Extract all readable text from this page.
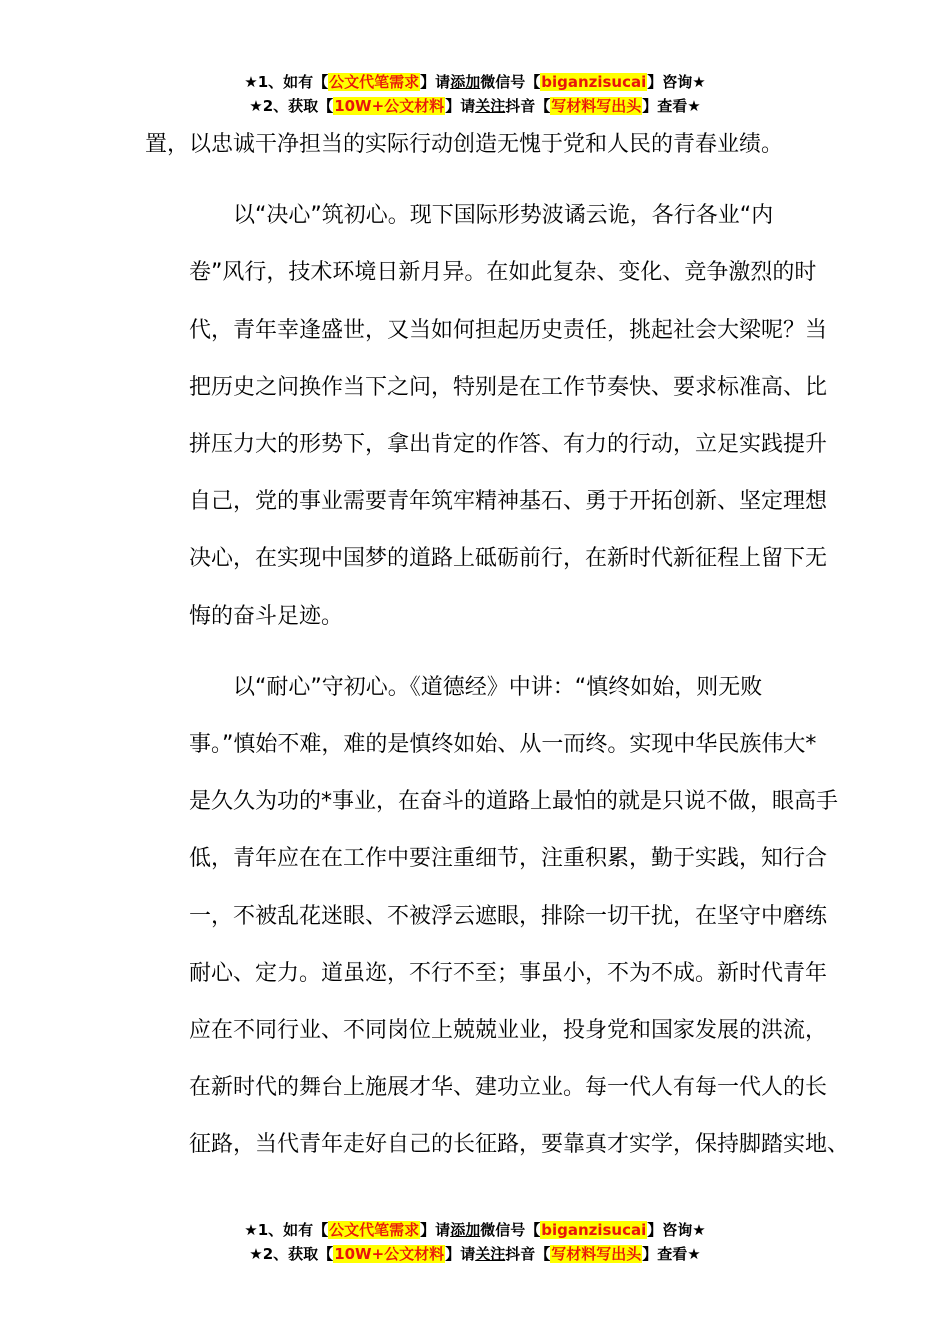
★1、如有【公文代笔需求】请添加微信号【biganzisucai】咨询★
★2、获取【10W+公文材料】请关注抖音【写材料写出头】查看★

置，以忠诚干净担当的实际行动创造无愧于党和人民的青春业绩。

以“决心”筑初心。现下国际形势波谲云诡，各行各业“内
卷”风行，技术环境日新月异。在如此复杂、变化、竞争激烈的时
代，青年幸逢盛世，又当如何担起历史责任，挑起社会大梁呢？当
把历史之问换作当下之问，特别是在工作节奏快、要求标准高、比
拼压力大的形势下，拿出肯定的作答、有力的行动，立足实践提升
自己，党的事业需要青年筑牢精神基石、勇于开拓创新、坚定理想
决心，在实现中国梦的道路上砥砺前行，在新时代新征程上留下无
悔的奋斗足迹。

以“耐心”守初心。《道德经》中讲：“慎终如始，则无败
事。”慎始不难，难的是慎终如始、从一而终。实现中华民族伟大*
是久久为功的*事业，在奋斗的道路上最怕的就是只说不做，眼高手
低，青年应在在工作中要注重细节，注重积累，勤于实践，知行合
一，不被乱花迷眼、不被浮云遮眼，排除一切干扰，在坚守中磨练
耐心、定力。道虽迩，不行不至；事虽小，不为不成。新时代青年
应在不同行业、不同岗位上兢兢业业，投身党和国家发展的洪流，
在新时代的舞台上施展才华、建功立业。每一代人有每一代人的长
征路，当代青年走好自己的长征路，要靠真才实学，保持脚踏实地、

★1、如有【公文代笔需求】请添加微信号【biganzisucai】咨询★
★2、获取【10W+公文材料】请关注抖音【写材料写出头】查看★
